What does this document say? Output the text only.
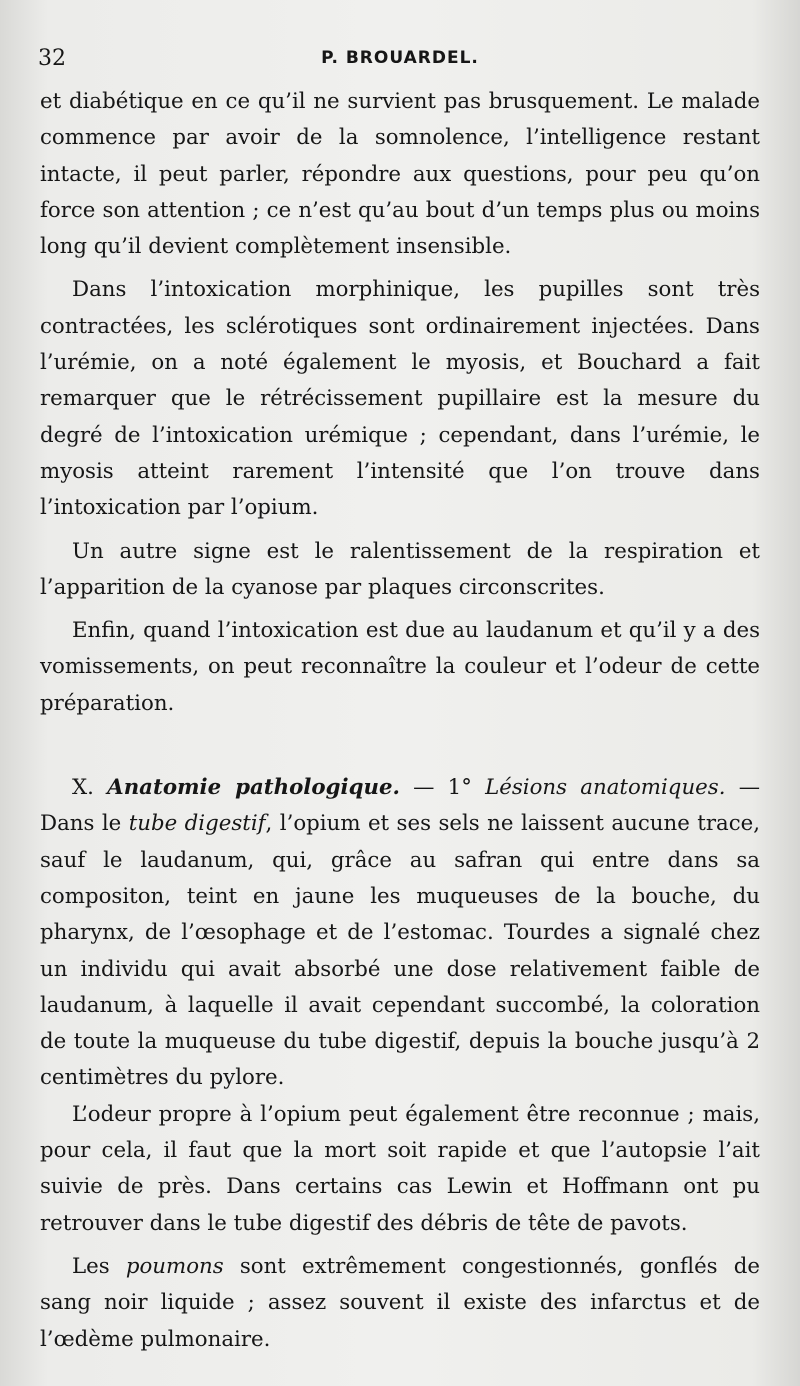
32	P. BROUARDEL.

et diabétique en ce qu’il ne survient pas brusquement. Le malade commence par avoir de la somnolence, l’intelligence restant intacte, il peut parler, répondre aux questions, pour peu qu’on force son attention ; ce n’est qu’au bout d’un temps plus ou moins long qu’il devient complètement insensible.

Dans l’intoxication morphinique, les pupilles sont très contractées, les sclérotiques sont ordinairement injectées. Dans l’urémie, on a noté également le myosis, et Bouchard a fait remarquer que le rétrécissement pupillaire est la mesure du degré de l’intoxication urémique ; cependant, dans l’urémie, le myosis atteint rarement l’intensité que l’on trouve dans l’intoxication par l’opium.

Un autre signe est le ralentissement de la respiration et l’apparition de la cyanose par plaques circonscrites.

Enfin, quand l’intoxication est due au laudanum et qu’il y a des vomissements, on peut reconnaître la couleur et l’odeur de cette préparation.

X. Anatomie pathologique. — 1° Lésions anatomiques. — Dans le tube digestif, l’opium et ses sels ne laissent aucune trace, sauf le laudanum, qui, grâce au safran qui entre dans sa compositon, teint en jaune les muqueuses de la bouche, du pharynx, de l’œsophage et de l’estomac. Tourdes a signalé chez un individu qui avait absorbé une dose relativement faible de laudanum, à laquelle il avait cependant succombé, la coloration de toute la muqueuse du tube digestif, depuis la bouche jusqu’à 2 centimètres du pylore.

L’odeur propre à l’opium peut également être reconnue ; mais, pour cela, il faut que la mort soit rapide et que l’autopsie l’ait suivie de près. Dans certains cas Lewin et Hoffmann ont pu retrouver dans le tube digestif des débris de tête de pavots.

Les poumons sont extrêmement congestionnés, gonflés de sang noir liquide ; assez souvent il existe des infarctus et de l’œdème pulmonaire.
